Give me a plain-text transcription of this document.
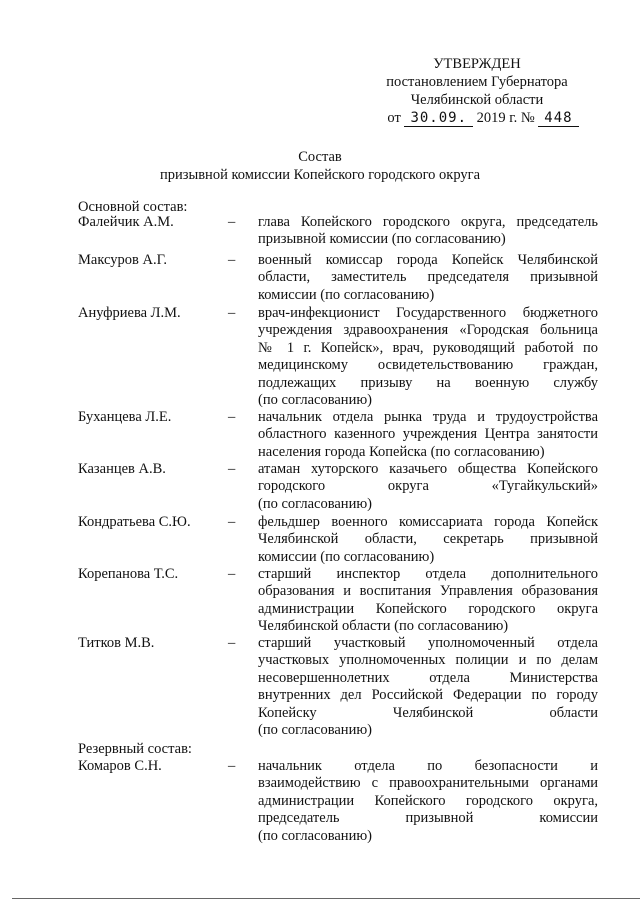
УТВЕРЖДЕН
постановлением Губернатора
Челябинской области
от 30.09. 2019 г. № 448
Состав
призывной комиссии Копейского городского округа
Основной состав:
Фалейчик А.М.	– глава Копейского городского округа, председатель
призывной комиссии (по согласованию)
Максуров А.Г.	– военный комиссар города Копейск Челябинской
области, заместитель председателя призывной
комиссии (по согласованию)
Ануфриева Л.М.	– врач-инфекционист Государственного бюджетного
учреждения здравоохранения «Городская больница
№ 1 г. Копейск», врач, руководящий работой по
медицинскому освидетельствованию граждан,
подлежащих призыву на военную службу
(по согласованию)
Буханцева Л.Е.	– начальник отдела рынка труда и трудоустройства
областного казенного учреждения Центра занятости
населения города Копейска (по согласованию)
Казанцев А.В.	– атаман хуторского казачьего общества Копейского
городского округа «Тугайкульский»
(по согласованию)
Кондратьева С.Ю.	– фельдшер военного комиссариата города Копейск
Челябинской области, секретарь призывной
комиссии (по согласованию)
Корепанова Т.С.	– старший инспектор отдела дополнительного
образования и воспитания Управления образования
администрации Копейского городского округа
Челябинской области (по согласованию)
Титков М.В.	– старший участковый уполномоченный отдела
участковых уполномоченных полиции и по делам
несовершеннолетних отдела Министерства
внутренних дел Российской Федерации по городу
Копейску Челябинской области
(по согласованию)
Резервный состав:
Комаров С.Н.	– начальник отдела по безопасности и
взаимодействию с правоохранительными органами
администрации Копейского городского округа,
председатель призывной комиссии
(по согласованию)
